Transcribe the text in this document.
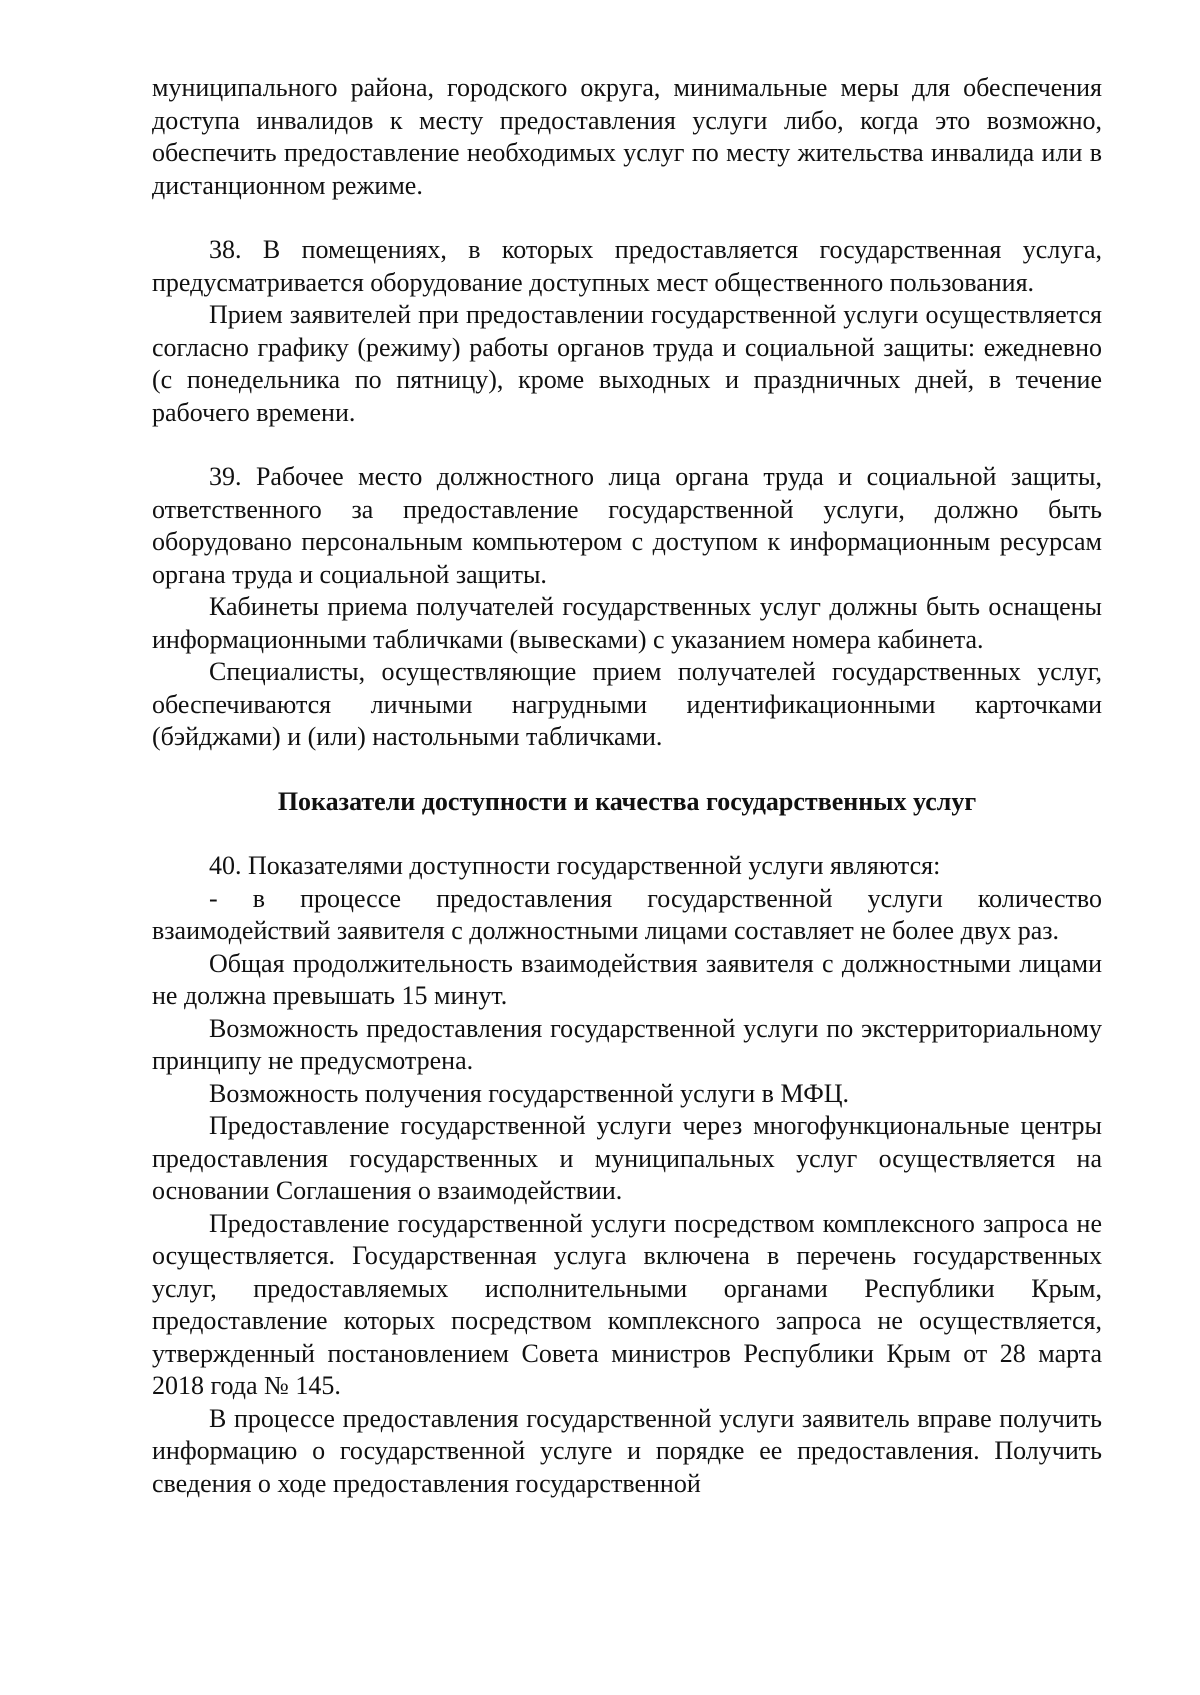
муниципального района, городского округа, минимальные меры для обеспечения доступа инвалидов к месту предоставления услуги либо, когда это возможно, обеспечить предоставление необходимых услуг по месту жительства инвалида или в дистанционном режиме.

38. В помещениях, в которых предоставляется государственная услуга, предусматривается оборудование доступных мест общественного пользования.

Прием заявителей при предоставлении государственной услуги осуществляется согласно графику (режиму) работы органов труда и социальной защиты: ежедневно (с понедельника по пятницу), кроме выходных и праздничных дней, в течение рабочего времени.

39. Рабочее место должностного лица органа труда и социальной защиты, ответственного за предоставление государственной услуги, должно быть оборудовано персональным компьютером с доступом к информационным ресурсам органа труда и социальной защиты.

Кабинеты приема получателей государственных услуг должны быть оснащены информационными табличками (вывесками) с указанием номера кабинета.

Специалисты, осуществляющие прием получателей государственных услуг, обеспечиваются личными нагрудными идентификационными карточками (бэйджами) и (или) настольными табличками.

Показатели доступности и качества государственных услуг

40. Показателями доступности государственной услуги являются:

- в процессе предоставления государственной услуги количество взаимодействий заявителя с должностными лицами составляет не более двух раз.

Общая продолжительность взаимодействия заявителя с должностными лицами не должна превышать 15 минут.

Возможность предоставления государственной услуги по экстерриториальному принципу не предусмотрена.

Возможность получения государственной услуги в МФЦ.

Предоставление государственной услуги через многофункциональные центры предоставления государственных и муниципальных услуг осуществляется на основании Соглашения о взаимодействии.

Предоставление государственной услуги посредством комплексного запроса не осуществляется. Государственная услуга включена в перечень государственных услуг, предоставляемых исполнительными органами Республики Крым, предоставление которых посредством комплексного запроса не осуществляется, утвержденный постановлением Совета министров Республики Крым от 28 марта 2018 года № 145.

В процессе предоставления государственной услуги заявитель вправе получить информацию о государственной услуге и порядке ее предоставления. Получить сведения о ходе предоставления государственной
